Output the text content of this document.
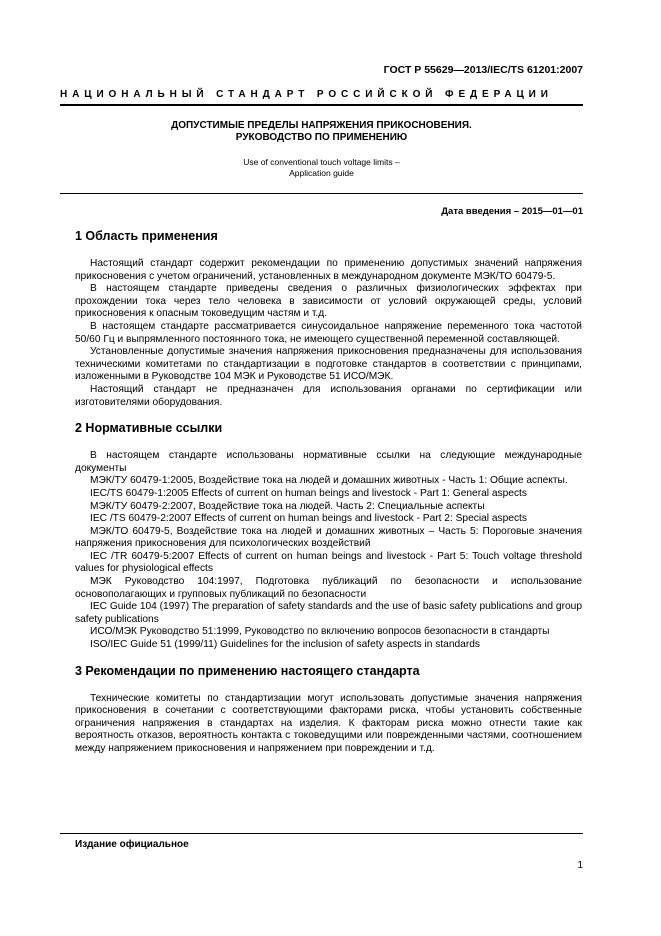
ГОСТ Р 55629—2013/IEC/TS 61201:2007
НАЦИОНАЛЬНЫЙ СТАНДАРТ РОССИЙСКОЙ ФЕДЕРАЦИИ
ДОПУСТИМЫЕ ПРЕДЕЛЫ НАПРЯЖЕНИЯ ПРИКОСНОВЕНИЯ.
РУКОВОДСТВО ПО ПРИМЕНЕНИЮ
Use of conventional touch voltage limits –
Application guide
Дата введения – 2015—01—01
1 Область применения

Настоящий стандарт содержит рекомендации по применению допустимых значений напряжения прикосновения с учетом ограничений, установленных в международном документе МЭК/ТО 60479-5.

В настоящем стандарте приведены сведения о различных физиологических эффектах при прохождении тока через тело человека в зависимости от условий окружающей среды, условий прикосновения к опасным токоведущим частям и т.д.

В настоящем стандарте рассматривается синусоидальное напряжение переменного тока частотой 50/60 Гц и выпрямленного постоянного тока, не имеющего существенной переменной составляющей.

Установленные допустимые значения напряжения прикосновения предназначены для использования техническими комитетами по стандартизации в подготовке стандартов в соответствии с принципами, изложенными в Руководстве 104 МЭК и Руководстве 51 ИСО/МЭК.

Настоящий стандарт не предназначен для использования органами по сертификации или изготовителями оборудования.

2 Нормативные ссылки

В настоящем стандарте использованы нормативные ссылки на следующие международные документы

МЭК/ТУ 60479-1:2005, Воздействие тока на людей и домашних животных - Часть 1: Общие аспекты.

IEC/TS 60479-1:2005 Effects of current on human beings and livestock - Part 1: General aspects

МЭК/ТУ 60479-2:2007, Воздействие тока на людей. Часть 2: Специальные аспекты

IEC /TS 60479-2:2007 Effects of current on human beings and livestock - Part 2: Special aspects

МЭК/ТО 60479-5, Воздействие тока на людей и домашних животных – Часть 5: Пороговые значения напряжения прикосновения для психологических воздействий

IEC /TR 60479-5:2007 Effects of current on human beings and livestock - Part 5: Touch voltage threshold values for physiological effects

МЭК Руководство 104:1997, Подготовка публикаций по безопасности и использование основополагающих и групповых публикаций по безопасности

IEC Guide 104 (1997) The preparation of safety standards and the use of basic safety publications and group safety publications

ИСО/МЭК Руководство 51:1999, Руководство по включению вопросов безопасности в стандарты

ISO/IEC Guide 51 (1999/11) Guidelines for the inclusion of safety aspects in standards

3 Рекомендации по применению настоящего стандарта

Технические комитеты по стандартизации могут использовать допустимые значения напряжения прикосновения в сочетании с соответствующими факторами риска, чтобы установить собственные ограничения напряжения в стандартах на изделия. К факторам риска можно отнести такие как вероятность отказов, вероятность контакта с токоведущими или поврежденными частями, соотношением между напряжением прикосновения и напряжением при повреждении и т.д.

Издание официальное
1
